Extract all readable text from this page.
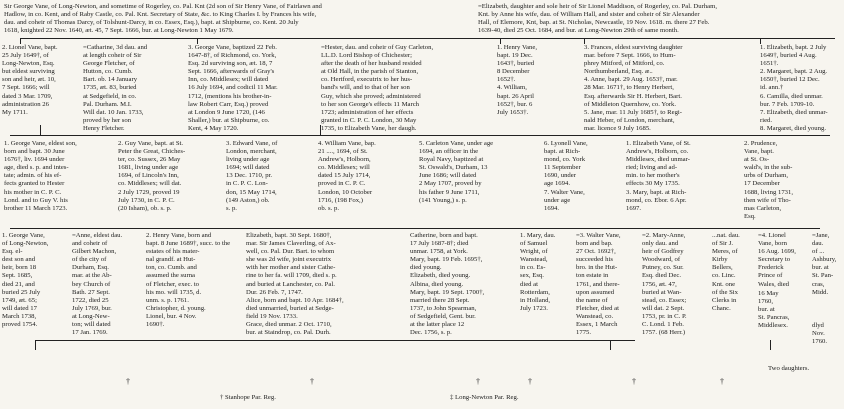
Sir George Vane, of Long-Newton, and sometime of Rogerley, co. Pal. Knt (2d son of Sir Henry Vane, of Fairlawn and
Hadlow, in co. Kent, and of Raby Castle, co. Pal. Knt. Secretary of State, &c. to King Charles I. by Frances his wife,
dau. and coheir of Thomas Darcy, of Tolshunt-Darcy, in co. Essex, Esq.), bapt. at Shipburne, co. Kent. 20 July
1618, knighted 22 Nov. 1640, æt. 45, 7 Sept. 1666, bur. at Long-Newton 1 May 1679.
=Elizabeth, daughter and sole heir of Sir Lionel Maddison, of Rogerley, co. Pal. Durham,
Knt. by Anne his wife, dau. of William Hall, and sister and coheir of Sir Alexander
Hall, of Elemore, Knt, bap. at St. Nicholas, Newcastle, 19 Nov. 1618. m. there 27 Feb.
1639-40, died 25 Oct. 1684, and bur. at Long-Newton 29th of same month.
2. Lionel Vane, bapt.
25 July 1649†, of
Long-Newton, Esq.
but eldest surviving
son and heir, æt. 10,
7 Sept. 1666; will
dated 3 Mar. 1709,
administration 26
My 1711.
=Catharine, 3d dau. and
at length coheir of Sir
George Fletcher, of
Hutton, co. Cumb.
Bart. ob. 14 January
1735, æt. 83, buried
at Sedgefield, in co.
Pal. Durham. M.I.
Will dat. 10 Jan. 1733,
proved by her son
Henry Fletcher.
3. George Vane, baptized 22 Feb.
1647-8†, of Richmond, co. York,
Esq. 2d surviving son, æt. 18, 7
Sept. 1666, afterwards of Gray's
Inn, co. Middlesex; will dated
16 July 1694, and codicil 11 Mar.
1712, (mentions his brother-in-
law Robert Carr, Esq.) proved
at London 9 June 1720, (146
Shaller,) bur. at Shipburne, co.
Kent, 4 May 1720.
=Hester, dau. and coheir of Guy Carleton,
LL.D. Lord Bishop of Chichester;
after the death of her husband resided
at Old Hall, in the parish of Stanton,
co. Hertford, executrix to her hus-
band's will, and to that of her son
Guy, which she proved; administered
to her son George's effects 11 March
1723; administration of her effects
granted in C. P. C. London, 30 May
1735, to Elizabeth Vane, her daugh.
1. Henry Vane,
bapt. 19 Dec.
1643†, buried
8 December
1652†.
4. William,
bapt. 26 April
1652†, bur. 6
July 1653†.
3. Frances, eldest surviving daughter
mar. before 7 Sept. 1666, to Hum-
phrey Mitford, of Mitford, co.
Northumberland, Esq. æ..
4. Anne, bapt. 29 Aug. 1653†, mar.
28 Mar. 1671†, to Henry Herbert,
Esq. afterwards Sir H. Herbert, Bart.
of Middleton Quernhow, co. York.
5. Jane, mar. 11 July 1685†, to Regi-
nald Heber, of London, merchant,
mar. licence 9 July 1685.
1. Elizabeth, bapt. 2 July
1649†, buried 4 Aug.
1651†.
2. Margaret, bapt. 2 Aug.
1650†, buried 12 Dec.
id. ann.†
6. Camilla, died unmar.
bur. 7 Feb. 1709-10.
7. Elizabeth, died unmar-
ried.
8. Margaret, died young.
1. George Vane, eldest son,
born and bapt. 30 June
1676†, liv. 1694 under
age, died s. p. and intes-
tate; admin. of his ef-
fects granted to Hester
his mother in C. P. C.
Lond. and to Guy V. his
brother 11 March 1723.
2. Guy Vane, bapt. at St.
Peter the Great, Chiches-
ter, co. Sussex, 26 May
1681, living under age
1694, of Lincoln's Inn,
co. Middlesex; will dat.
2 July 1729, proved 19
July 1730, in C. P. C.
(20 Isham), ob. s. p.
3. Edward Vane, of
London, merchant,
living under age
1694; will dated
13 Dec. 1710, pr.
in C. P. C. Lon-
don, 15 May 1714,
(149 Aston,) ob.
s. p.
4. William Vane, bap.
21 ...., 1694, of St.
Andrew's, Holborn,
co. Middlesex; will
dated 15 July 1714,
proved in C. P. C.
London, 10 October
1716, (198 Fox,)
ob. s. p.
5. Carleton Vane, under age
1694, an officer in the
Royal Navy, baptized at
St. Oswald's, Durham, 13
June 1686; will dated
2 May 1707, proved by
his father 9 June 1711,
(141 Young,) s. p.
6. Lyonell Vane,
bapt. at Rich-
mond, co. York
11 September
1690, under
age 1694.
7. Walter Vane,
under age
1694.
1. Elizabeth Vane, of St.
Andrew's, Holborn, co.
Middlesex, died unmar-
ried; living and ad-
min. to her mother's
effects 30 My 1735.
3. Mary, bapt. at Rich-
mond, co. Ebor. 6 Apr.
1697.
2. Prudence,
Vane, bapt.
at St. Os-
wald's, in the sub-
urbs of Durham,
17 December
1688, living 1731,
then wife of Tho-
mas Carleton,
Esq.
1. George Vane,
of Long-Newton,
Esq. el-
dest son and
heir, born 18
Sept. 1685,
died 21, and
buried 25 July
1749, æt. 65;
will dated 17
March 1738,
proved 1754.
=Anne, eldest dau.
and coheir of
Gilbert Machon,
of the city of
Durham, Esq.
mar. at the Ab-
bey Church of
Bath. 27 Sept.
1722, died 25
July 1769, bur.
at Long-New-
ton; will dated
17 Jan. 1769.
2. Henry Vane, born and
bapt. 8 June 1689†, succ. to the
estates of his mater-
nal grandf. at Hut-
ton, co. Cumb. and
assumed the surna
of Fletcher, exec. to
his mo. will 1735, d.
unm. s. p. 1761.
Christopher, d. young.
Lionel, bur. 4 Nov.
1690†.
Elizabeth, bapt. 30 Sept. 1680†,
mar. Sir James Claverling, of Ax-
well, co. Pal. Dur. Bart. to whom
she was 2d wife, joint executrix
with her mother and sister Cathe-
rine to her fa. will 1709, died s. p.
and buried at Lanchester, co. Pal.
Dur. 26 Feb. 7, 1747.
Alice, born and bapt. 10 Apr. 1684†,
died unmarried, buried at Sedge-
field 19 Nov. 1733.
Grace, died unmar. 2 Oct. 1710,
bur. at Staindrop, co. Pal. Durh.
Catherine, born and bapt.
17 July 1687-8†; died
unmar. 1758, at York.
Mary, bapt. 19 Feb. 1695†,
died young.
Elizabeth, died young.
Albina, died young.
Mary, bapt. 19 Sept. 1700†,
married there 28 Sept.
1737, to John Spearman,
of Sedgefield, Gent. bur.
at the latter place 12
Dec. 1756, s. p.
1. Mary, dau.
of Samuel
Wright, of
Wanstead,
in co. Es-
sex, Esq.
died at
Rotterdam,
in Holland,
July 1723.
=3. Walter Vane,
born and bap.
27 Oct. 1692†,
succeeded his
bro. in the Hut-
ton estate in
1761, and there-
upon assumed
the name of
Fletcher, died at
Wanstead, co.
Essex, 1 March
1775.
=2. Mary-Anne,
only dau. and
heir of Godfrey
Woodward, of
Putney, co. Sur.
Esq. died Dec.
1756, æt. 47,
buried at Wan-
stead, co. Essex;
will dat. 2 Sept.
1753, pr. in C. P.
C. Lond. 1 Feb.
1757. (68 Herr.)
...nat. dau.
of Sir J.
Meres, of
Kirby
Bellers,
co. Linc.
Knt. one
of the Six
Clerks in
Chanc.
=4. Lionel
Vane, born
16 Aug. 1699,
Secretary to
Frederick
Prince of
Wales, died
=Jane,
dau.
of ...
Ashbury,
bur. at
St. Pan-
cras,
Midd.
16 May
1760,
bur. at
St. Pancras,
Middlesex.	dlyd
Nov.
1760.
Two daughters.
†	†	†	†	†	†
† Stanhope Par. Reg.	‡ Long-Newton Par. Reg.
